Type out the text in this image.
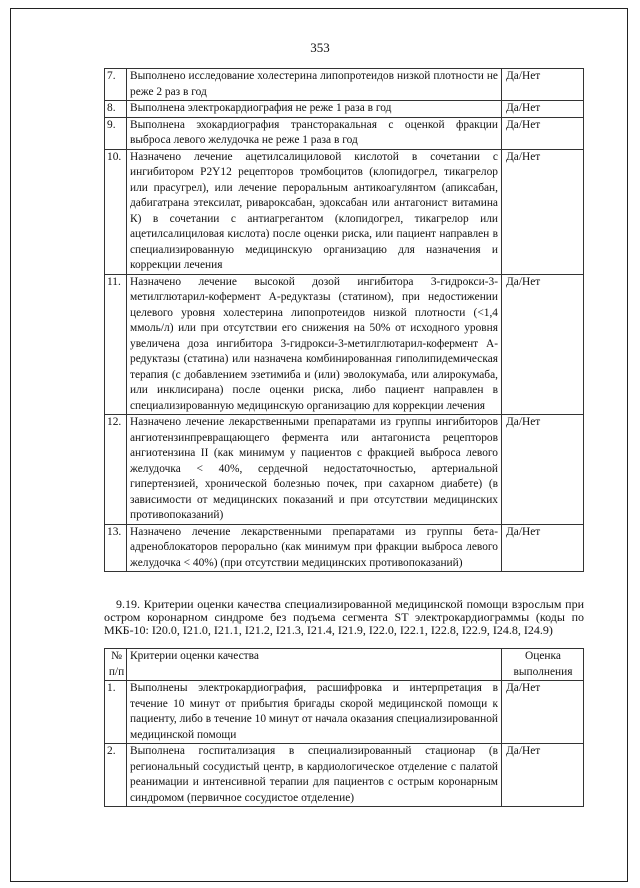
353
7.	Выполнено исследование холестерина липопротеидов низкой плотности не реже 2 раз в год	Да/Нет
8.	Выполнена электрокардиография не реже 1 раза в год	Да/Нет
9.	Выполнена эхокардиография трансторакальная с оценкой фракции выброса левого желудочка не реже 1 раза в год	Да/Нет
10.	Назначено лечение ацетилсалициловой кислотой в сочетании с ингибитором P2Y12 рецепторов тромбоцитов (клопидогрел, тикагрелор или прасугрел), или лечение пероральным антикоагулянтом (апиксабан, дабигатрана этексилат, ривароксабан, эдоксабан или антагонист витамина К) в сочетании с антиагрегантом (клопидогрел, тикагрелор или ацетилсалициловая кислота) после оценки риска, или пациент направлен в специализированную медицинскую организацию для назначения и коррекции лечения	Да/Нет
11.	Назначено лечение высокой дозой ингибитора 3-гидрокси-3-метилглютарил-кофермент А-редуктазы (статином), при недостижении целевого уровня холестерина липопротеидов низкой плотности (<1,4 ммоль/л) или при отсутствии его снижения на 50% от исходного уровня увеличена доза ингибитора 3-гидрокси-3-метилглютарил-кофермент А-редуктазы (статина) или назначена комбинированная гиполипидемическая терапия (с добавлением эзетимиба и (или) эволокумаба, или алирокумаба, или инклисирана) после оценки риска, либо пациент направлен в специализированную медицинскую организацию для коррекции лечения	Да/Нет
12.	Назначено лечение лекарственными препаратами из группы ингибиторов ангиотензинпревращающего фермента или антагониста рецепторов ангиотензина II (как минимум у пациентов с фракцией выброса левого желудочка < 40%, сердечной недостаточностью, артериальной гипертензией, хронической болезнью почек, при сахарном диабете) (в зависимости от медицинских показаний и при отсутствии медицинских противопоказаний)	Да/Нет
13.	Назначено лечение лекарственными препаратами из группы бета-адреноблокаторов перорально (как минимум при фракции выброса левого желудочка < 40%) (при отсутствии медицинских противопоказаний)	Да/Нет
9.19. Критерии оценки качества специализированной медицинской помощи взрослым при остром коронарном синдроме без подъема сегмента ST электрокардиограммы (коды по МКБ-10: I20.0, I21.0, I21.1, I21.2, I21.3, I21.4, I21.9, I22.0, I22.1, I22.8, I22.9, I24.8, I24.9)
№ п/п	Критерии оценки качества	Оценка выполнения
1.	Выполнены электрокардиография, расшифровка и интерпретация в течение 10 минут от прибытия бригады скорой медицинской помощи к пациенту, либо в течение 10 минут от начала оказания специализированной медицинской помощи	Да/Нет
2.	Выполнена госпитализация в специализированный стационар (в региональный сосудистый центр, в кардиологическое отделение с палатой реанимации и интенсивной терапии для пациентов с острым коронарным синдромом (первичное сосудистое отделение)	Да/Нет
